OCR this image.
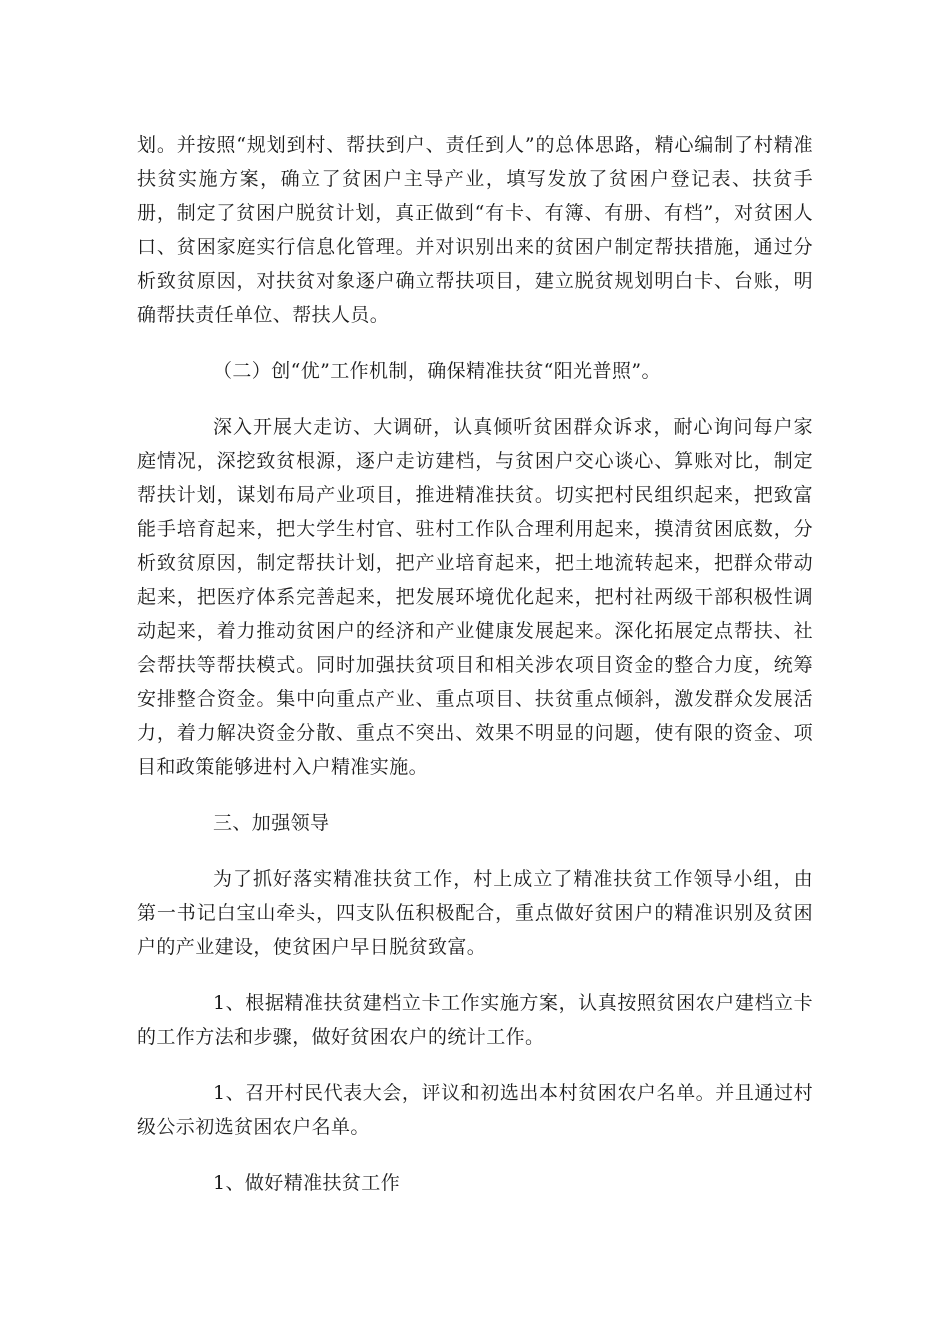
划。并按照“规划到村、帮扶到户、责任到人”的总体思路，精心编制了村精准扶贫实施方案，确立了贫困户主导产业，填写发放了贫困户登记表、扶贫手册，制定了贫困户脱贫计划，真正做到“有卡、有簿、有册、有档”，对贫困人口、贫困家庭实行信息化管理。并对识别出来的贫困户制定帮扶措施，通过分析致贫原因，对扶贫对象逐户确立帮扶项目，建立脱贫规划明白卡、台账，明确帮扶责任单位、帮扶人员。

（二）创“优”工作机制，确保精准扶贫“阳光普照”。

深入开展大走访、大调研，认真倾听贫困群众诉求，耐心询问每户家庭情况，深挖致贫根源，逐户走访建档，与贫困户交心谈心、算账对比，制定帮扶计划，谋划布局产业项目，推进精准扶贫。切实把村民组织起来，把致富能手培育起来，把大学生村官、驻村工作队合理利用起来，摸清贫困底数，分析致贫原因，制定帮扶计划，把产业培育起来，把土地流转起来，把群众带动起来，把医疗体系完善起来，把发展环境优化起来，把村社两级干部积极性调动起来，着力推动贫困户的经济和产业健康发展起来。深化拓展定点帮扶、社会帮扶等帮扶模式。同时加强扶贫项目和相关涉农项目资金的整合力度，统筹安排整合资金。集中向重点产业、重点项目、扶贫重点倾斜，激发群众发展活力，着力解决资金分散、重点不突出、效果不明显的问题，使有限的资金、项目和政策能够进村入户精准实施。

三、加强领导

为了抓好落实精准扶贫工作，村上成立了精准扶贫工作领导小组，由第一书记白宝山牵头，四支队伍积极配合，重点做好贫困户的精准识别及贫困户的产业建设，使贫困户早日脱贫致富。

1、根据精准扶贫建档立卡工作实施方案，认真按照贫困农户建档立卡的工作方法和步骤，做好贫困农户的统计工作。

1、召开村民代表大会，评议和初选出本村贫困农户名单。并且通过村级公示初选贫困农户名单。

1、做好精准扶贫工作
